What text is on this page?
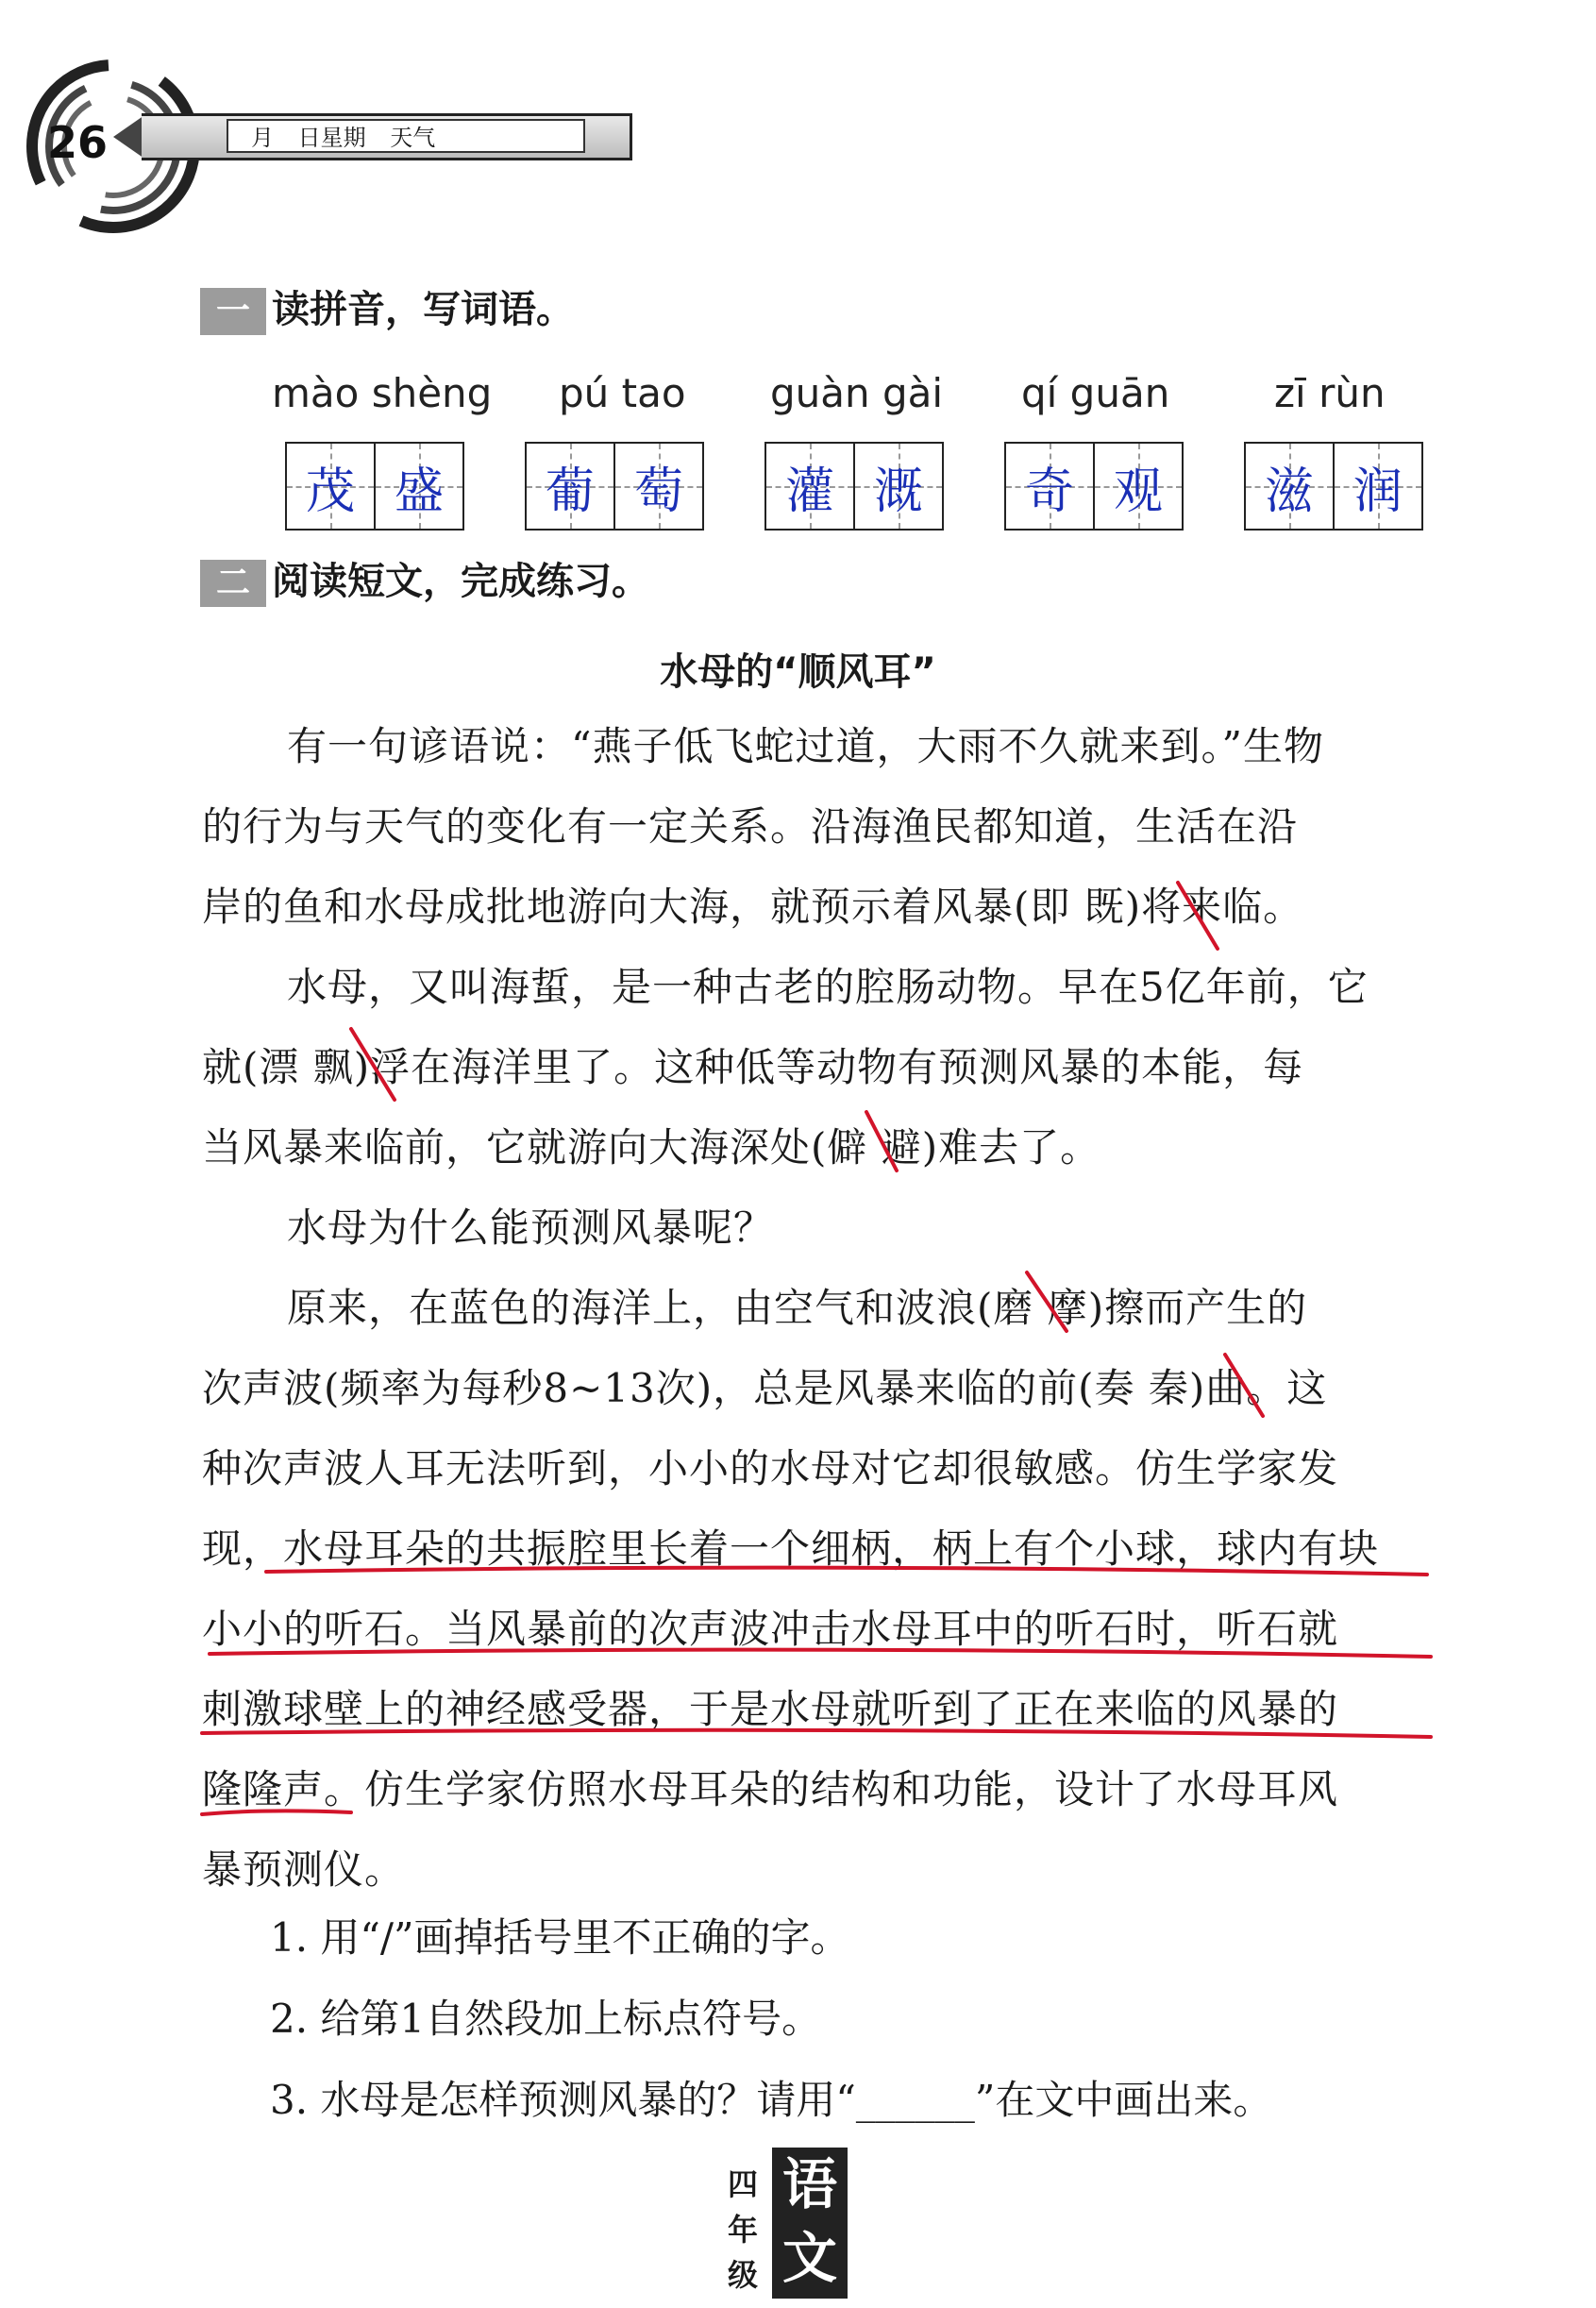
26	月 日星期 天气
一 读拼音，写词语。
mào shèng pú tao guàn gài qí guān	zī rùn
茂 盛 葡 萄 灌 溉 奇 观 滋 润
二 阅读短文，完成练习。
水母的“顺风耳”
有一句谚语说：“燕子低飞蛇过道，大雨不久就来到。”生物
的行为与天气的变化有一定关系。沿海渔民都知道，生活在沿
岸的鱼和水母成批地游向大海，就预示着风暴(即 既)将来临。
水母，又叫海蜇，是一种古老的腔肠动物。早在5亿年前，它
就(漂 飘)浮在海洋里了。这种低等动物有预测风暴的本能，每
当风暴来临前，它就游向大海深处(僻 避)难去了。
水母为什么能预测风暴呢？
原来，在蓝色的海洋上，由空气和波浪(磨 摩)擦而产生的
次声波(频率为每秒8~13次)，总是风暴来临的前(奏 秦)曲。这
种次声波人耳无法听到，小小的水母对它却很敏感。仿生学家发
现，水母耳朵的共振腔里长着一个细柄，柄上有个小球，球内有块
小小的听石。当风暴前的次声波冲击水母耳中的听石时，听石就
刺激球壁上的神经感受器，于是水母就听到了正在来临的风暴的
隆隆声。仿生学家仿照水母耳朵的结构和功能，设计了水母耳风
暴预测仪。
1. 用“/”画掉括号里不正确的字。
2. 给第1自然段加上标点符号。
3. 水母是怎样预测风暴的？请用“______”在文中画出来。
四
年
级
语
文
